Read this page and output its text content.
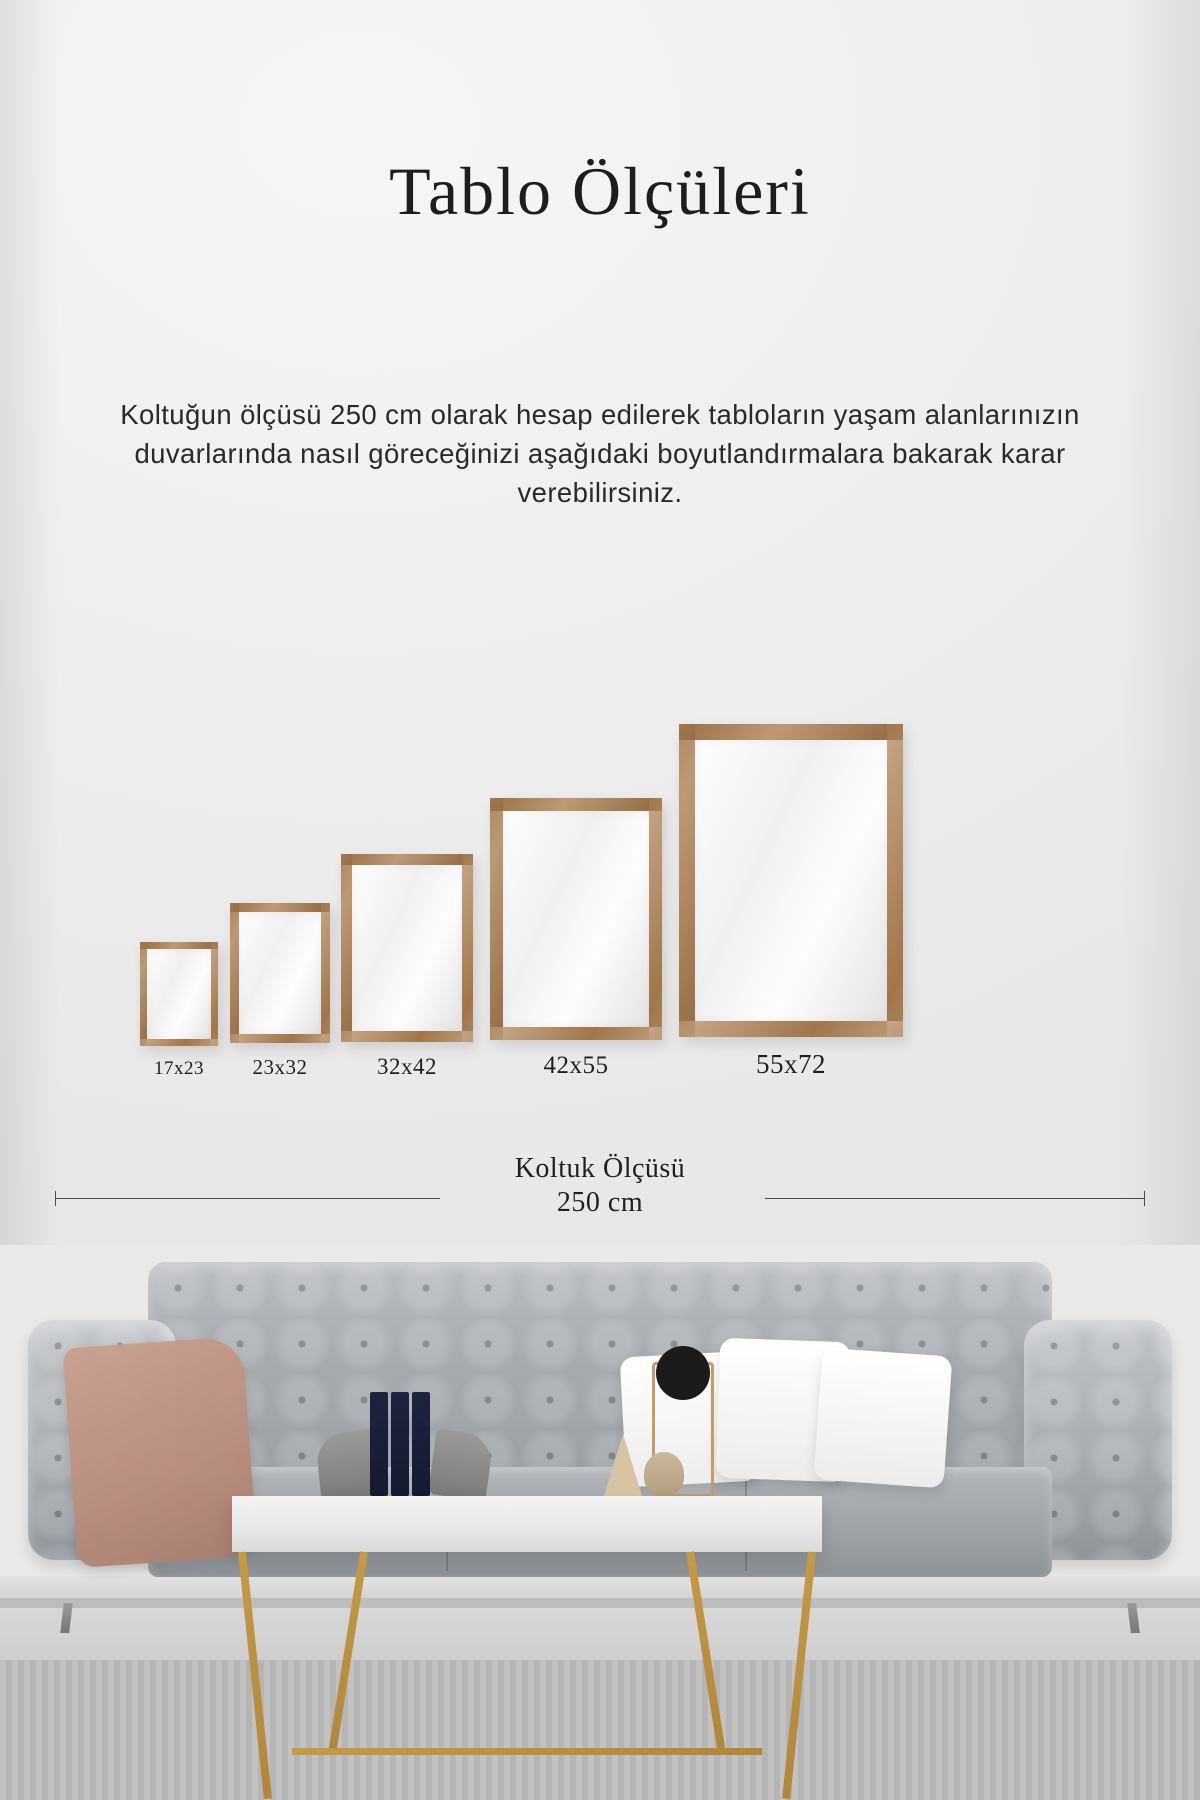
Tablo Ölçüleri

Koltuğun ölçüsü 250 cm olarak hesap edilerek tabloların yaşam alanlarınızın duvarlarında nasıl göreceğinizi aşağıdaki boyutlandırmalara bakarak karar verebilirsiniz.

17x23	23x32	32x42	42x55	55x72
Koltuk Ölçüsü
250 cm
